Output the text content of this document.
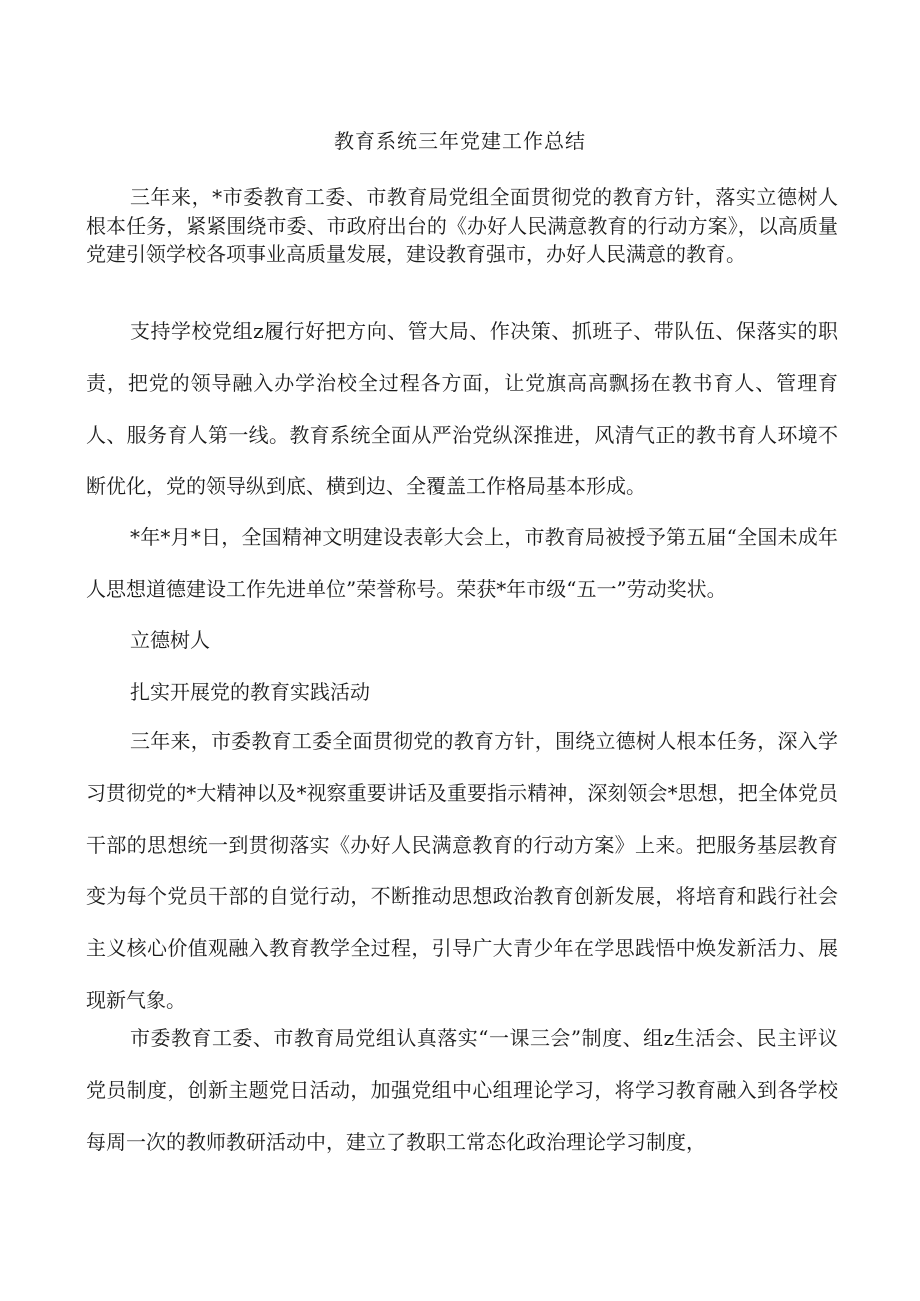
教育系统三年党建工作总结

三年来，*市委教育工委、市教育局党组全面贯彻党的教育方针，落实立德树人根本任务，紧紧围绕市委、市政府出台的《办好人民满意教育的行动方案》，以高质量党建引领学校各项事业高质量发展，建设教育强市，办好人民满意的教育。

支持学校党组z履行好把方向、管大局、作决策、抓班子、带队伍、保落实的职责，把党的领导融入办学治校全过程各方面，让党旗高高飘扬在教书育人、管理育人、服务育人第一线。教育系统全面从严治党纵深推进，风清气正的教书育人环境不断优化，党的领导纵到底、横到边、全覆盖工作格局基本形成。

*年*月*日，全国精神文明建设表彰大会上，市教育局被授予第五届“全国未成年人思想道德建设工作先进单位”荣誉称号。荣获*年市级“五一”劳动奖状。

立德树人

扎实开展党的教育实践活动

三年来，市委教育工委全面贯彻党的教育方针，围绕立德树人根本任务，深入学习贯彻党的*大精神以及*视察重要讲话及重要指示精神，深刻领会*思想，把全体党员干部的思想统一到贯彻落实《办好人民满意教育的行动方案》上来。把服务基层教育变为每个党员干部的自觉行动，不断推动思想政治教育创新发展，将培育和践行社会主义核心价值观融入教育教学全过程，引导广大青少年在学思践悟中焕发新活力、展现新气象。

市委教育工委、市教育局党组认真落实“一课三会”制度、组z生活会、民主评议党员制度，创新主题党日活动，加强党组中心组理论学习，将学习教育融入到各学校每周一次的教师教研活动中，建立了教职工常态化政治理论学习制度，
